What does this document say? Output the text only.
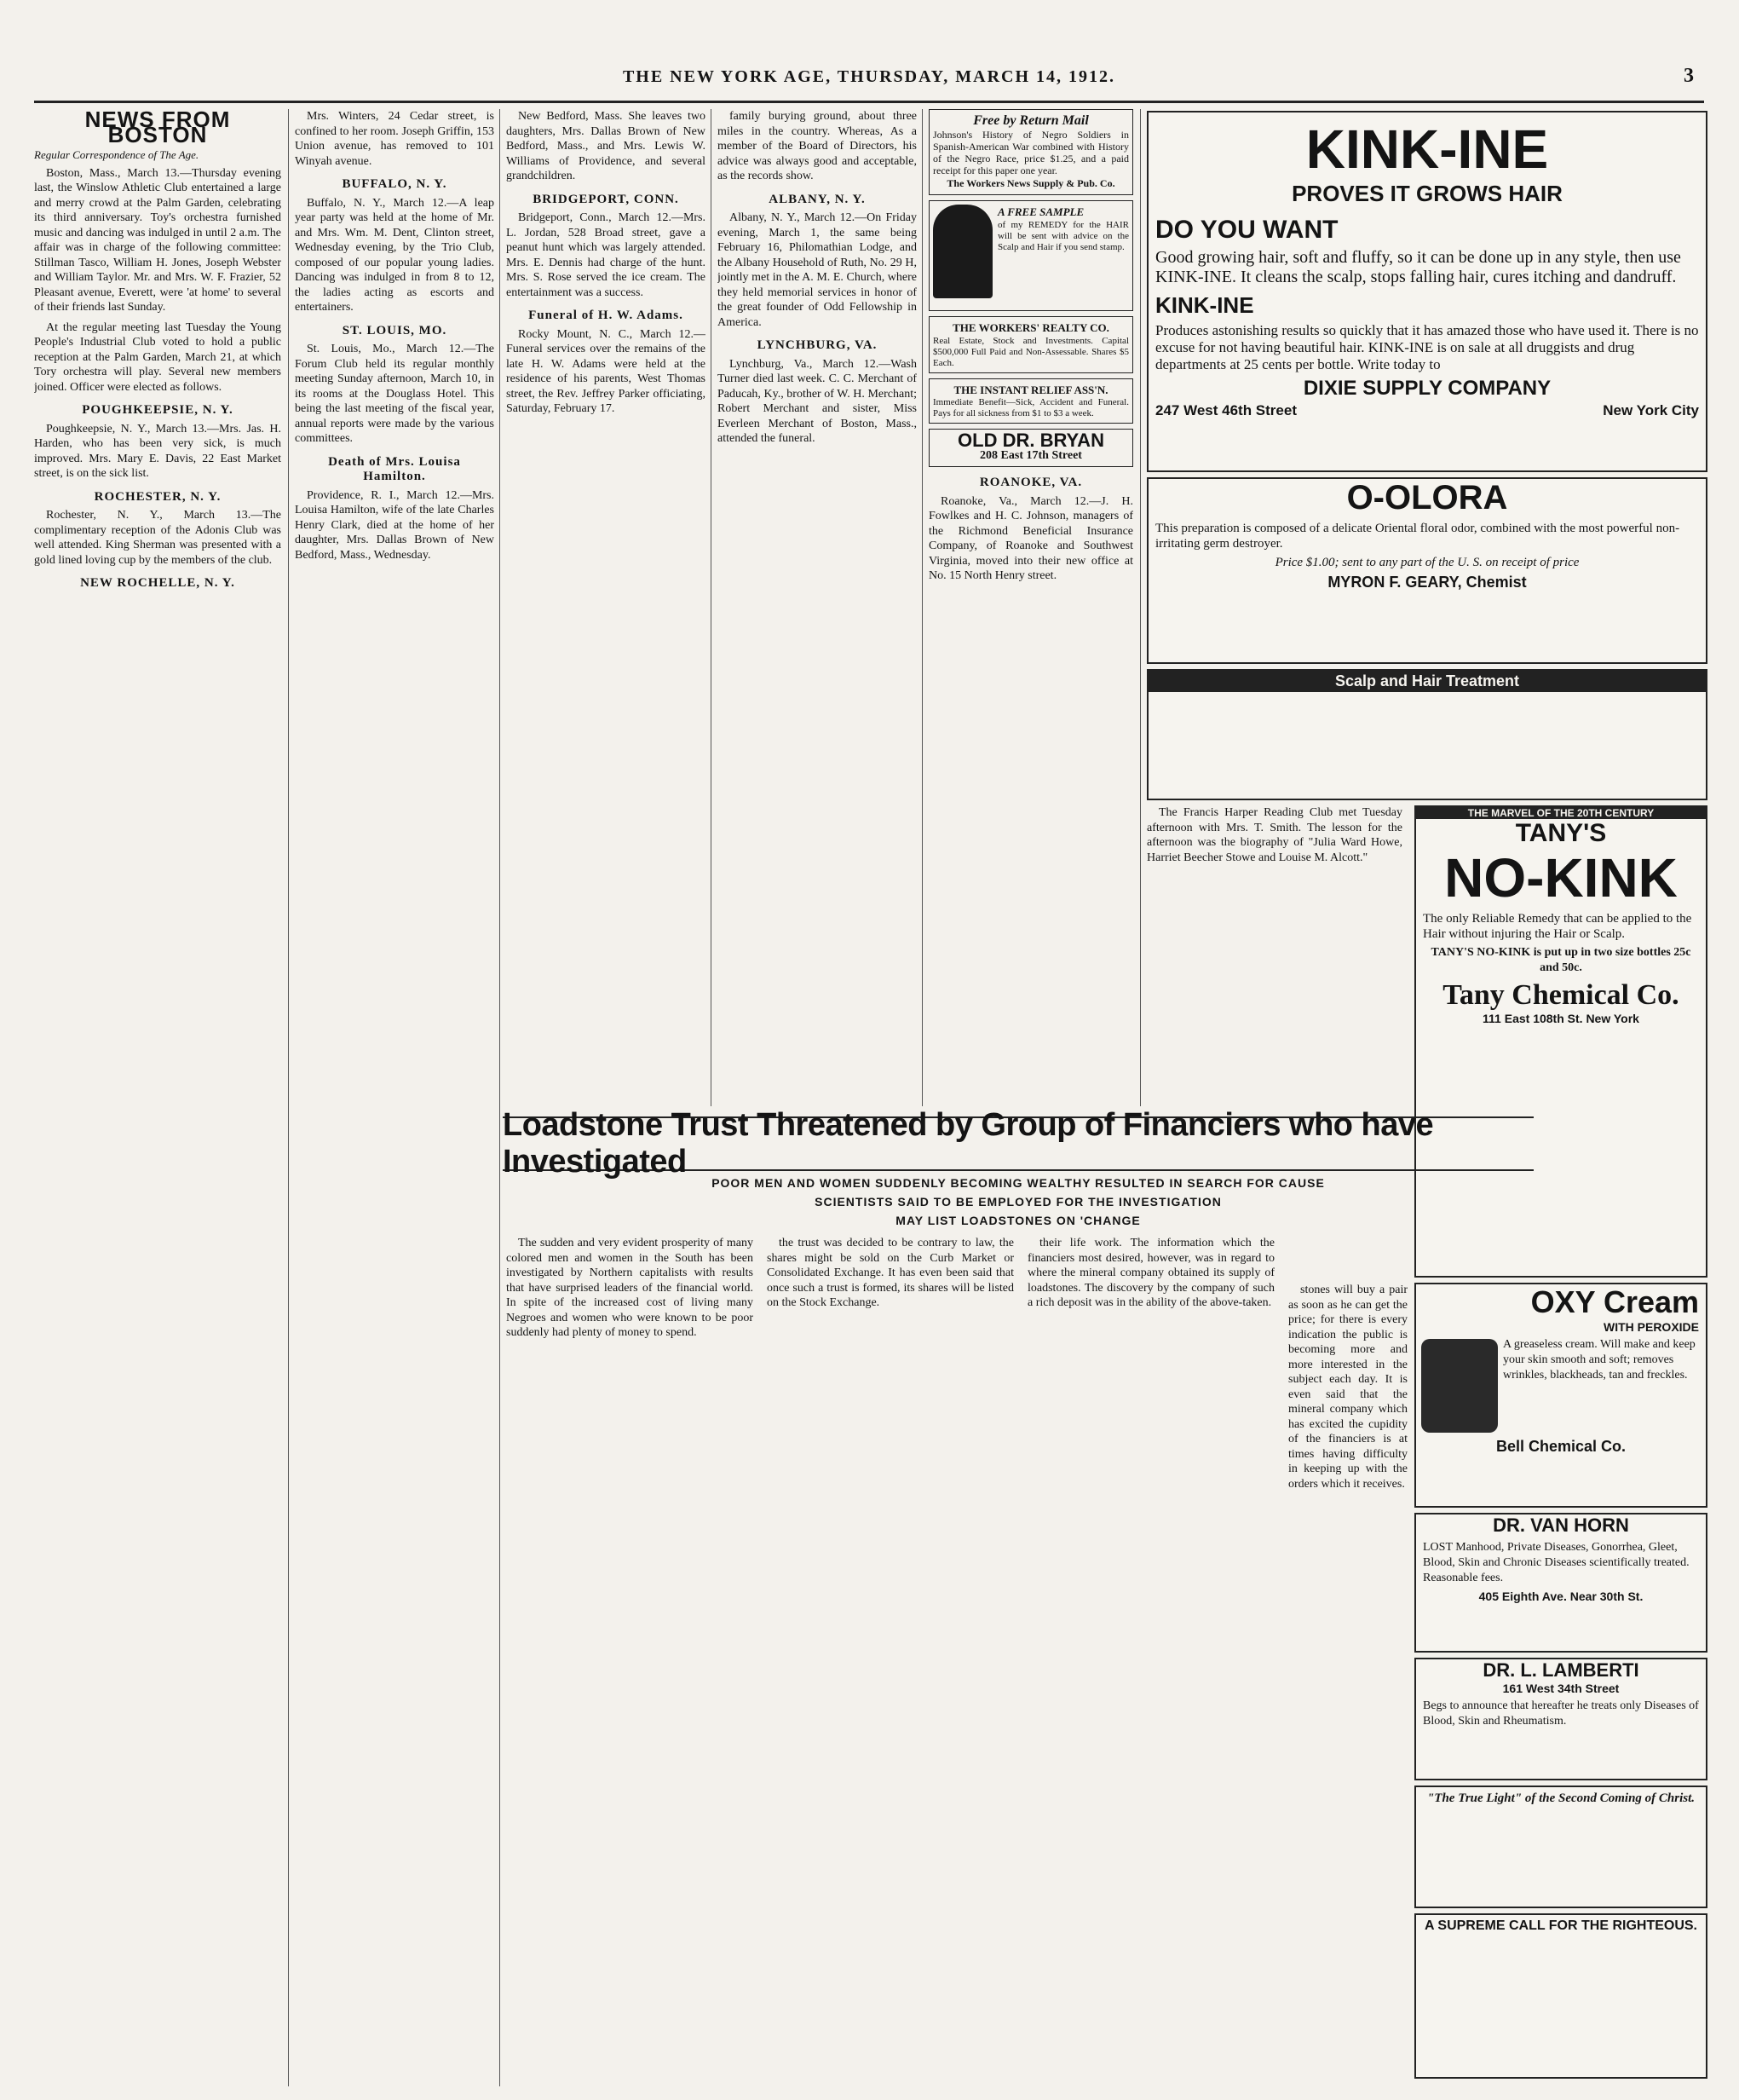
THE NEW YORK AGE, THURSDAY, MARCH 14, 1912.	3
NEWS FROM BOSTON

Regular Correspondence of The Age.

Boston, Mass., March 13.—Thursday evening last, the Winslow Athletic Club entertained a large and merry crowd at the Palm Garden, celebrating its third anniversary. Toy's orchestra furnished music and dancing was indulged in until 2 a.m. The affair was in charge of the following committee: Stillman Tasco, William H. Jones, Joseph Webster and William Taylor. Mr. and Mrs. W. F. Frazier, 52 Pleasant avenue, Everett, were 'at home' to several of their friends last Sunday.

At the regular meeting last Tuesday the Young People's Industrial Club voted to hold a public reception at the Palm Garden, March 21, at which Tory orchestra will play. Several new members joined. Officer were elected as follows.

POUGHKEEPSIE, N. Y.

Poughkeepsie, N. Y., March 13.—Mrs. Jas. H. Harden, who has been very sick, is much improved. Mrs. Mary E. Davis, 22 East Market street, is on the sick list.

ROCHESTER, N. Y.

Rochester, N. Y., March 13.—The complimentary reception of the Adonis Club was well attended. King Sherman was presented with a gold lined loving cup by the members of the club.

NEW ROCHELLE, N. Y.

Mrs. Winters, 24 Cedar street, is confined to her room. Joseph Griffin, 153 Union avenue, has removed to 101 Winyah avenue.

BUFFALO, N. Y.

Buffalo, N. Y., March 12.—A leap year party was held at the home of Mr. and Mrs. Wm. M. Dent, Clinton street, Wednesday evening, by the Trio Club, composed of our popular young ladies. Dancing was indulged in from 8 to 12, the ladies acting as escorts and entertainers.

ST. LOUIS, MO.

St. Louis, Mo., March 12.—The Forum Club held its regular monthly meeting Sunday afternoon, March 10, in its rooms at the Douglass Hotel. This being the last meeting of the fiscal year, annual reports were made by the various committees.

Death of Mrs. Louisa Hamilton.

Providence, R. I., March 12.—Mrs. Louisa Hamilton, wife of the late Charles Henry Clark, died at the home of her daughter, Mrs. Dallas Brown of New Bedford, Mass., Wednesday.

New Bedford, Mass. She leaves two daughters, Mrs. Dallas Brown of New Bedford, Mass., and Mrs. Lewis W. Williams of Providence, and several grandchildren.

BRIDGEPORT, CONN.

Bridgeport, Conn., March 12.—Mrs. L. Jordan, 528 Broad street, gave a peanut hunt which was largely attended. Mrs. E. Dennis had charge of the hunt. Mrs. S. Rose served the ice cream. The entertainment was a success.

Funeral of H. W. Adams.

Rocky Mount, N. C., March 12.—Funeral services over the remains of the late H. W. Adams were held at the residence of his parents, West Thomas street, the Rev. Jeffrey Parker officiating, Saturday, February 17.

family burying ground, about three miles in the country. Whereas, As a member of the Board of Directors, his advice was always good and acceptable, as the records show.

ALBANY, N. Y.

Albany, N. Y., March 12.—On Friday evening, March 1, the same being February 16, Philomathian Lodge, and the Albany Household of Ruth, No. 29 H, jointly met in the A. M. E. Church, where they held memorial services in honor of the great founder of Odd Fellowship in America.

LYNCHBURG, VA.

Lynchburg, Va., March 12.—Wash Turner died last week. C. C. Merchant of Paducah, Ky., brother of W. H. Merchant; Robert Merchant and sister, Miss Everleen Merchant of Boston, Mass., attended the funeral.

Free by Return Mail
Johnson's History of Negro Soldiers in Spanish-American War combined with History of the Negro Race, price $1.25, and a paid receipt for this paper one year.
The Workers News Supply & Pub. Co.
A FREE SAMPLE
of my REMEDY for the HAIR will be sent with advice on the Scalp and Hair if you send stamp.
THE WORKERS' REALTY CO.
Real Estate, Stock and Investments. Capital $500,000 Full Paid and Non-Assessable. Shares $5 Each.
THE INSTANT RELIEF ASS'N.
Immediate Benefit—Sick, Accident and Funeral. Pays for all sickness from $1 to $3 a week.
OLD DR. BRYAN
208 East 17th Street
ROANOKE, VA.

Roanoke, Va., March 12.—J. H. Fowlkes and H. C. Johnson, managers of the Richmond Beneficial Insurance Company, of Roanoke and Southwest Virginia, moved into their new office at No. 15 North Henry street.

KINK-INE
PROVES IT GROWS HAIR
DO YOU WANT

Good growing hair, soft and fluffy, so it can be done up in any style, then use KINK-INE. It cleans the scalp, stops falling hair, cures itching and dandruff.

KINK-INE

Produces astonishing results so quickly that it has amazed those who have used it. There is no excuse for not having beautiful hair. KINK-INE is on sale at all druggists and drug departments at 25 cents per bottle. Write today to

DIXIE SUPPLY COMPANY
247 West 46th Street	New York City
O-OLORA

This preparation is composed of a delicate Oriental floral odor, combined with the most powerful non-irritating germ destroyer.

Price $1.00; sent to any part of the U. S. on receipt of price

MYRON F. GEARY, Chemist
Scalp and Hair Treatment

The Francis Harper Reading Club met Tuesday afternoon with Mrs. T. Smith. The lesson for the afternoon was the biography of "Julia Ward Howe, Harriet Beecher Stowe and Louise M. Alcott."

THE MARVEL OF THE 20TH CENTURY
TANY'S
NO-KINK

The only Reliable Remedy that can be applied to the Hair without injuring the Hair or Scalp.

TANY'S NO-KINK is put up in two size bottles 25c and 50c.

Tany Chemical Co.
111 East 108th St. New York
OXY Cream
WITH PEROXIDE

A greaseless cream. Will make and keep your skin smooth and soft; removes wrinkles, blackheads, tan and freckles.

Bell Chemical Co.
DR. VAN HORN

LOST Manhood, Private Diseases, Gonorrhea, Gleet, Blood, Skin and Chronic Diseases scientifically treated. Reasonable fees.

405 Eighth Ave. Near 30th St.
DR. L. LAMBERTI
161 West 34th Street

Begs to announce that hereafter he treats only Diseases of Blood, Skin and Rheumatism.

"The True Light" of the Second Coming of Christ.

A SUPREME CALL FOR THE RIGHTEOUS.
Loadstone Trust Threatened by Group of Financiers who have Investigated
POOR MEN AND WOMEN SUDDENLY BECOMING WEALTHY RESULTED IN SEARCH FOR CAUSE
SCIENTISTS SAID TO BE EMPLOYED FOR THE INVESTIGATION
MAY LIST LOADSTONES ON 'CHANGE

The sudden and very evident prosperity of many colored men and women in the South has been investigated by Northern capitalists with results that have surprised leaders of the financial world. In spite of the increased cost of living many Negroes and women who were known to be poor suddenly had plenty of money to spend.

the trust was decided to be contrary to law, the shares might be sold on the Curb Market or Consolidated Exchange. It has even been said that once such a trust is formed, its shares will be listed on the Stock Exchange.

their life work. The information which the financiers most desired, however, was in regard to where the mineral company obtained its supply of loadstones. The discovery by the company of such a rich deposit was in the ability of the above-taken.

stones will buy a pair as soon as he can get the price; for there is every indication the public is becoming more and more interested in the subject each day. It is even said that the mineral company which has excited the cupidity of the financiers is at times having difficulty in keeping up with the orders which it receives.
